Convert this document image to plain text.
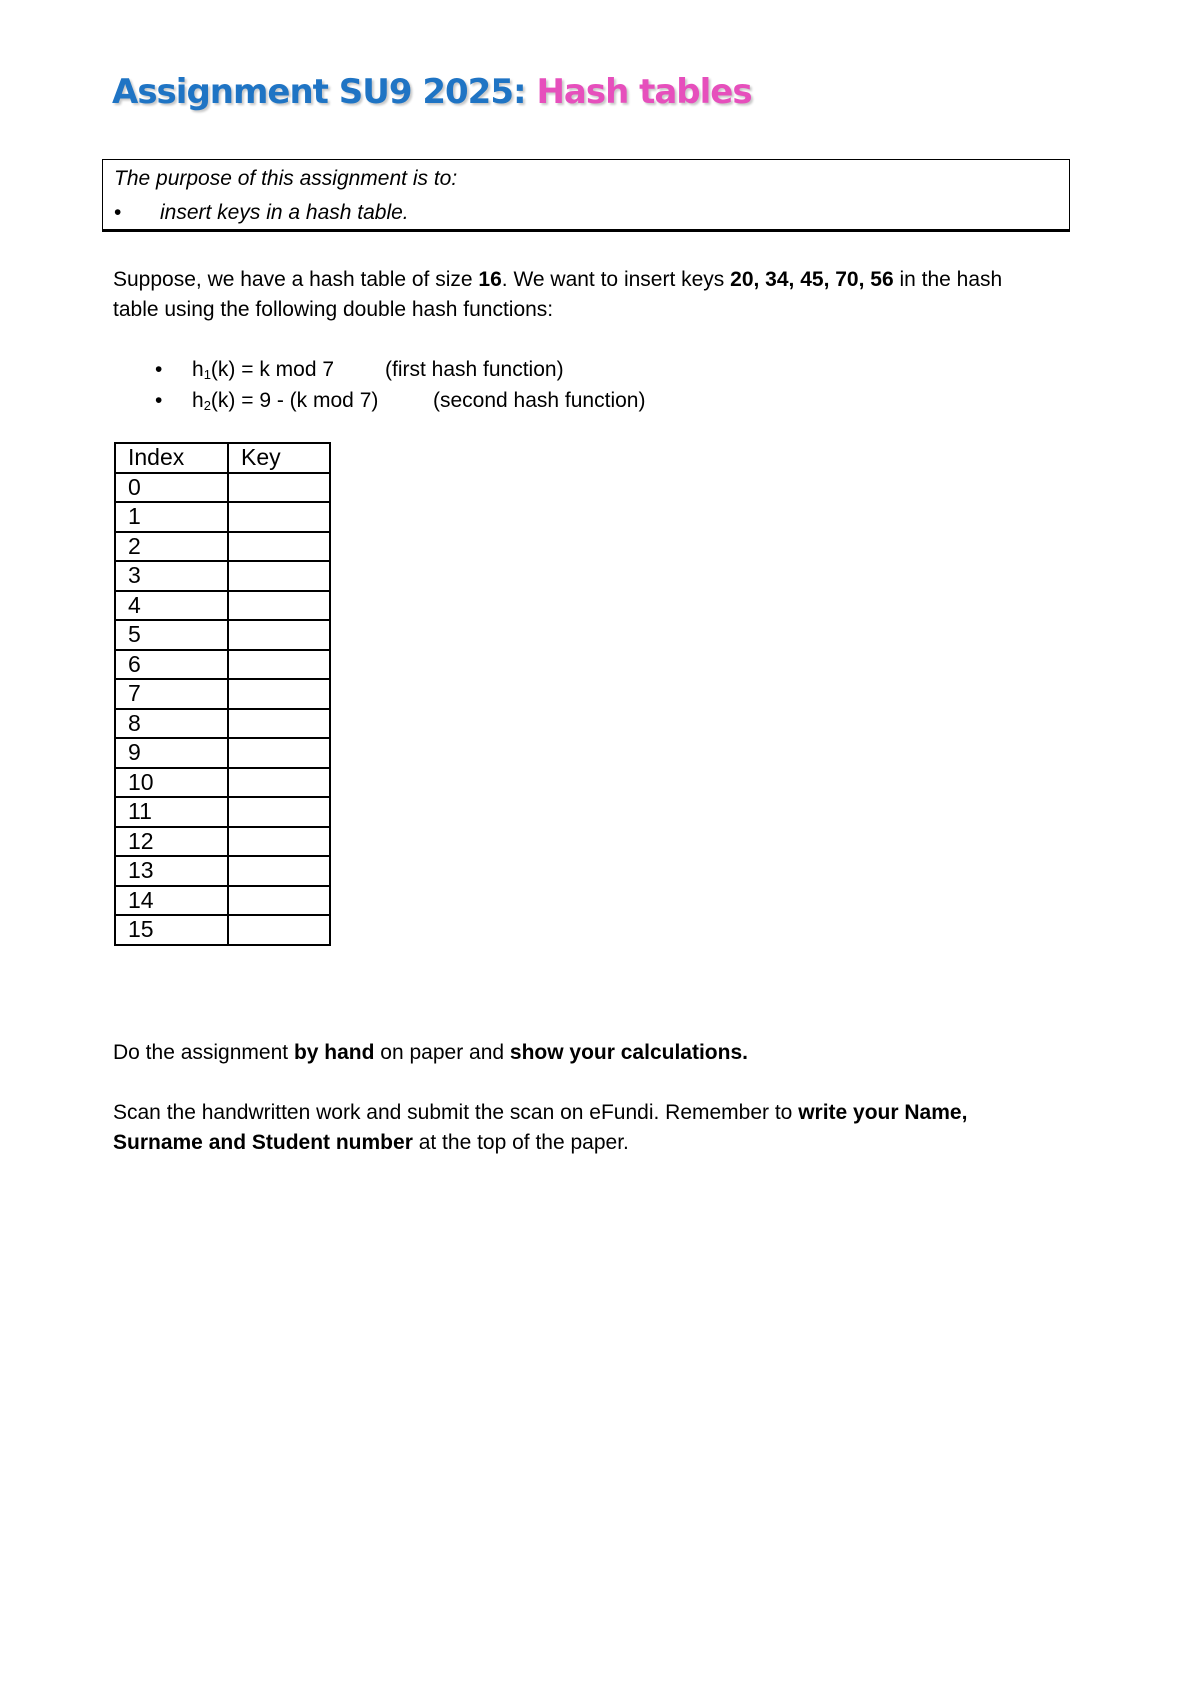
Assignment SU9 2025: Hash tables
The purpose of this assignment is to:
• insert keys in a hash table.
Suppose, we have a hash table of size 16. We want to insert keys 20, 34, 45, 70, 56 in the hash
table using the following double hash functions:
• $h_1(k) = k$ mod 7 (first hash function)
• $h_2(k) = 9 - (k$ mod 7)	(second hash function)
Index	Key
0	
1	
2	
3	
4	
5	
6	
7	
8	
9	
10	
11	
12	
13	
14	
15	
Do the assignment by hand on paper and show your calculations.
Scan the handwritten work and submit the scan on eFundi. Remember to write your Name,
Surname and Student number at the top of the paper.
